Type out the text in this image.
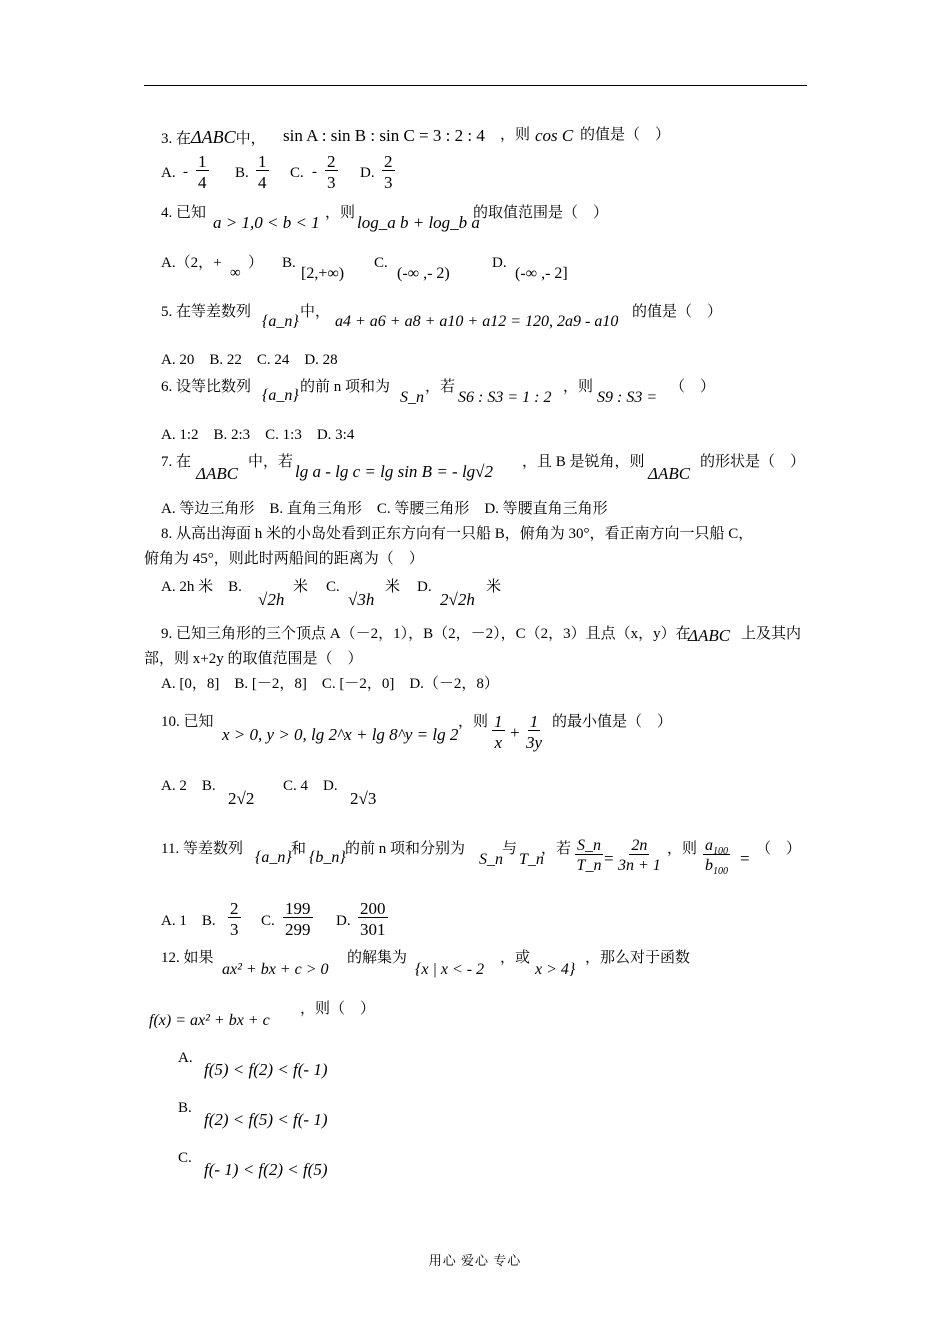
3. 在ΔABC中， sin A : sin B : sin C = 3 : 2 : 4 ，则 cos C 的值是（　）
A. -
1
4 B.
1
4 C. -
2
3 D.
2
3
4. 已知 a > 1,0 < b < 1 ，则 log_a b + log_b a
的取值范围是（　）
A.（2，+
∞
） B.
[2,+∞)
C.
(-∞ ,- 2)
D.
(-∞ ,- 2]
5. 在等差数列
{a_n}
中，
a4 + a6 + a8 + a10 + a12 = 120, 2a9 - a10
的值是（　）
A. 20　B. 22　C. 24　D. 28
6. 设等比数列 {a_n} 的前 n 项和为
S_n
，若
S6 : S3 = 1 : 2
，则
S9 : S3 =
（　）
A. 1:2　B. 2:3　C. 1:3　D. 3:4
7. 在
ΔABC
中，若 lg a - lg c = lg sin B = - lg√2 ，且 B 是锐角，则
ΔABC
的形状是（　）
A. 等边三角形　B. 直角三角形　C. 等腰三角形　D. 等腰直角三角形
8. 从高出海面 h 米的小岛处看到正东方向有一只船 B，俯角为 30°，看正南方向一只船 C，
俯角为 45°，则此时两船间的距离为（　）
A. 2h 米　B.
√2h
米 C.
√3h
米 D.
2√2h
米
9. 已知三角形的三个顶点 A（－2，1），B（2，－2），C（2，3）且点（x，y）在
ΔABC 上及其内
部，则 x+2y 的取值范围是（　）
A. [0，8]　B. [－2，8]　C. [－2，0]　D.（－2，8）
10. 已知
x > 0, y > 0, lg 2^x + lg 8^y = lg 2
，则 1
x
+
1
3y
的最小值是（　）
A. 2　B.
2√2
C. 4　D.
2√3
11. 等差数列 {a_n} 和 {b_n} 的前 n 项和分别为
S_n
与
T_n
，若 S_n
T_n =
2n
3n + 1
，则 $a_{100}$
$b_{100}$
= （　）
A. 1　B.
2
3 C.
199
299 D.
200
301
12. 如果
ax² + bx + c > 0
的解集为
{x | x < - 2
，或
x > 4}
，那么对于函数
f(x) = ax² + bx + c
，则（　）
A.
f(5) < f(2) < f(- 1)
B.
f(2) < f(5) < f(- 1)
C.
f(- 1) < f(2) < f(5)
用心 爱心 专心
